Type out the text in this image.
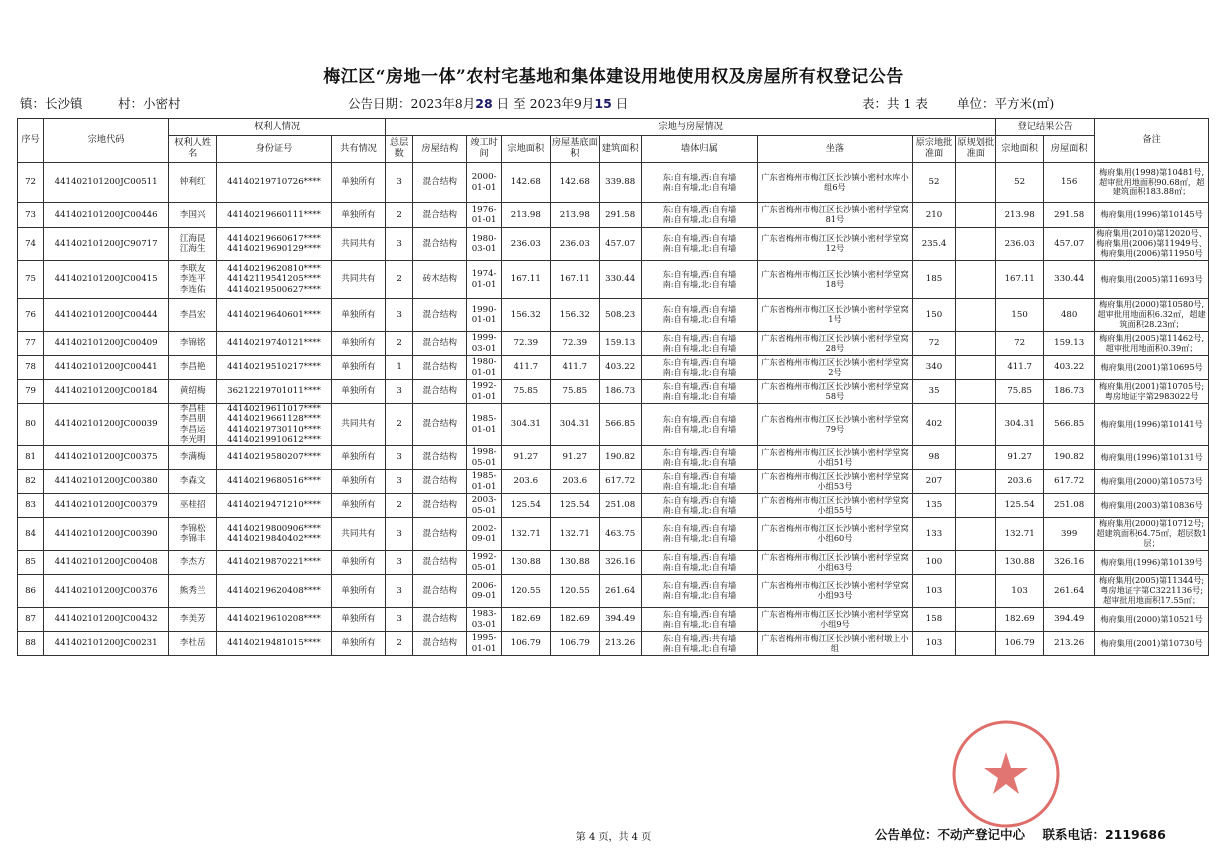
梅江区“房地一体”农村宅基地和集体建设用地使用权及房屋所有权登记公告
镇：长沙镇	村：小密村	公告日期：2023年8月28 日 至 2023年9月15 日	表：共 1 表 单位：平方米(㎡)
序号	宗地代码	权利人情况			宗地与房屋情况										登记结果公告		备注
		权利人姓名	身份证号	共有情况	总层数	房屋结构	竣工时间	宗地面积	房屋基底面积	建筑面积	墙体归属	坐落	原宗地批准面	原规划批准面	宗地面积	房屋面积	
72	441402101200JC00511	钟利红	44140219710726****	单独所有	3	混合结构	2000-01-01	142.68	142.68	339.88	东:自有墙,西:自有墙
南:自有墙,北:自有墙	广东省梅州市梅江区长沙镇小密村水库小组6号	52		52	156	梅府集用(1998)第10481号,超审批用地面积90.68㎡，超建筑面积183.88㎡；
73	441402101200JC00446	李国兴	44140219660111****	单独所有	2	混合结构	1976-01-01	213.98	213.98	291.58	东:自有墙,西:自有墙
南:自有墙,北:自有墙	广东省梅州市梅江区长沙镇小密村学堂窝81号	210		213.98	291.58	梅府集用(1996)第10145号
74	441402101200JC90717	江海昆
江海生	44140219660617****
44140219690129****	共同共有	3	混合结构	1980-03-01	236.03	236.03	457.07	东:自有墙,西:自有墙
南:自有墙,北:自有墙	广东省梅州市梅江区长沙镇小密村学堂窝12号	235.4		236.03	457.07	梅府集用(2010)第12020号、梅府集用(2006)第11949号、梅府集用(2006)第11950号
75	441402101200JC00415	李联友
李连平
李连佑	44140219620810****
44142119541205****
44140219500627****	共同共有	2	砖木结构	1974-01-01	167.11	167.11	330.44	东:自有墙,西:自有墙
南:自有墙,北:自有墙	广东省梅州市梅江区长沙镇小密村学堂窝18号	185		167.11	330.44	梅府集用(2005)第11693号
76	441402101200JC00444	李昌宏	44140219640601****	单独所有	3	混合结构	1990-01-01	156.32	156.32	508.23	东:自有墙,西:自有墙
南:自有墙,北:自有墙	广东省梅州市梅江区长沙镇小密村学堂窝1号	150		150	480	梅府集用(2000)第10580号,超审批用地面积6.32㎡，超建筑面积28.23㎡；
77	441402101200JC00409	李锦铭	44140219740121****	单独所有	2	混合结构	1999-03-01	72.39	72.39	159.13	东:自有墙,西:自有墙
南:自有墙,北:自有墙	广东省梅州市梅江区长沙镇小密村学堂窝28号	72		72	159.13	梅府集用(2005)第11462号,超审批用地面积0.39㎡；
78	441402101200JC00441	李昌艳	44140219510217****	单独所有	1	混合结构	1980-01-01	411.7	411.7	403.22	东:自有墙,西:自有墙
南:自有墙,北:自有墙	广东省梅州市梅江区长沙镇小密村学堂窝2号	340		411.7	403.22	梅府集用(2001)第10695号
79	441402101200JC00184	黄绍梅	36212219701011****	单独所有	3	混合结构	1992-01-01	75.85	75.85	186.73	东:自有墙,西:自有墙
南:自有墙,北:自有墙	广东省梅州市梅江区长沙镇小密村学堂窝58号	35		75.85	186.73	梅府集用(2001)第10705号;粤房地证字第2983022号
80	441402101200JC00039	李昌桂
李昌朋
李昌运
李光明	44140219611017****
44140219661128****
44140219730110****
44140219910612****	共同共有	2	混合结构	1985-01-01	304.31	304.31	566.85	东:自有墙,西:自有墙
南:自有墙,北:自有墙	广东省梅州市梅江区长沙镇小密村学堂窝79号	402		304.31	566.85	梅府集用(1996)第10141号
81	441402101200JC00375	李满梅	44140219580207****	单独所有	3	混合结构	1998-05-01	91.27	91.27	190.82	东:自有墙,西:自有墙
南:自有墙,北:自有墙	广东省梅州市梅江区长沙镇小密村学堂窝小组51号	98		91.27	190.82	梅府集用(1996)第10131号
82	441402101200JC00380	李森文	44140219680516****	单独所有	3	混合结构	1985-01-01	203.6	203.6	617.72	东:自有墙,西:自有墙
南:自有墙,北:自有墙	广东省梅州市梅江区长沙镇小密村学堂窝小组53号	207		203.6	617.72	梅府集用(2000)第10573号
83	441402101200JC00379	巫桂招	44140219471210****	单独所有	2	混合结构	2003-05-01	125.54	125.54	251.08	东:自有墙,西:自有墙
南:自有墙,北:自有墙	广东省梅州市梅江区长沙镇小密村学堂窝小组55号	135		125.54	251.08	梅府集用(2003)第10836号
84	441402101200JC00390	李锦松
李锦丰	44140219800906****
44140219840402****	共同共有	3	混合结构	2002-09-01	132.71	132.71	463.75	东:自有墙,西:自有墙
南:自有墙,北:自有墙	广东省梅州市梅江区长沙镇小密村学堂窝小组60号	133		132.71	399	梅府集用(2000)第10712号;超建筑面积64.75㎡，超层数1层；
85	441402101200JC00408	李杰方	44140219870221****	单独所有	3	混合结构	1992-05-01	130.88	130.88	326.16	东:自有墙,西:自有墙
南:自有墙,北:自有墙	广东省梅州市梅江区长沙镇小密村学堂窝小组63号	100		130.88	326.16	梅府集用(1996)第10139号
86	441402101200JC00376	熊秀兰	44140219620408****	单独所有	3	混合结构	2006-09-01	120.55	120.55	261.64	东:自有墙,西:自有墙
南:自有墙,北:自有墙	广东省梅州市梅江区长沙镇小密村学堂窝小组93号	103		103	261.64	梅府集用(2005)第11344号;粤房地证字第C3221136号;超审批用地面积17.55㎡；
87	441402101200JC00432	李美芳	44140219610208****	单独所有	3	混合结构	1983-03-01	182.69	182.69	394.49	东:自有墙,西:自有墙
南:自有墙,北:自有墙	广东省梅州市梅江区长沙镇小密村学堂窝小组9号	158		182.69	394.49	梅府集用(2000)第10521号
88	441402101200JC00231	李杜岳	44140219481015****	单独所有	2	混合结构	1995-01-01	106.79	106.79	213.26	东:自有墙,西:共有墙
南:自有墙,北:自有墙	广东省梅州市梅江区长沙镇小密村墩上小组	103		106.79	213.26	梅府集用(2001)第10730号
第 4 页，共 4 页	公告单位：不动产登记中心 联系电话：2119686
